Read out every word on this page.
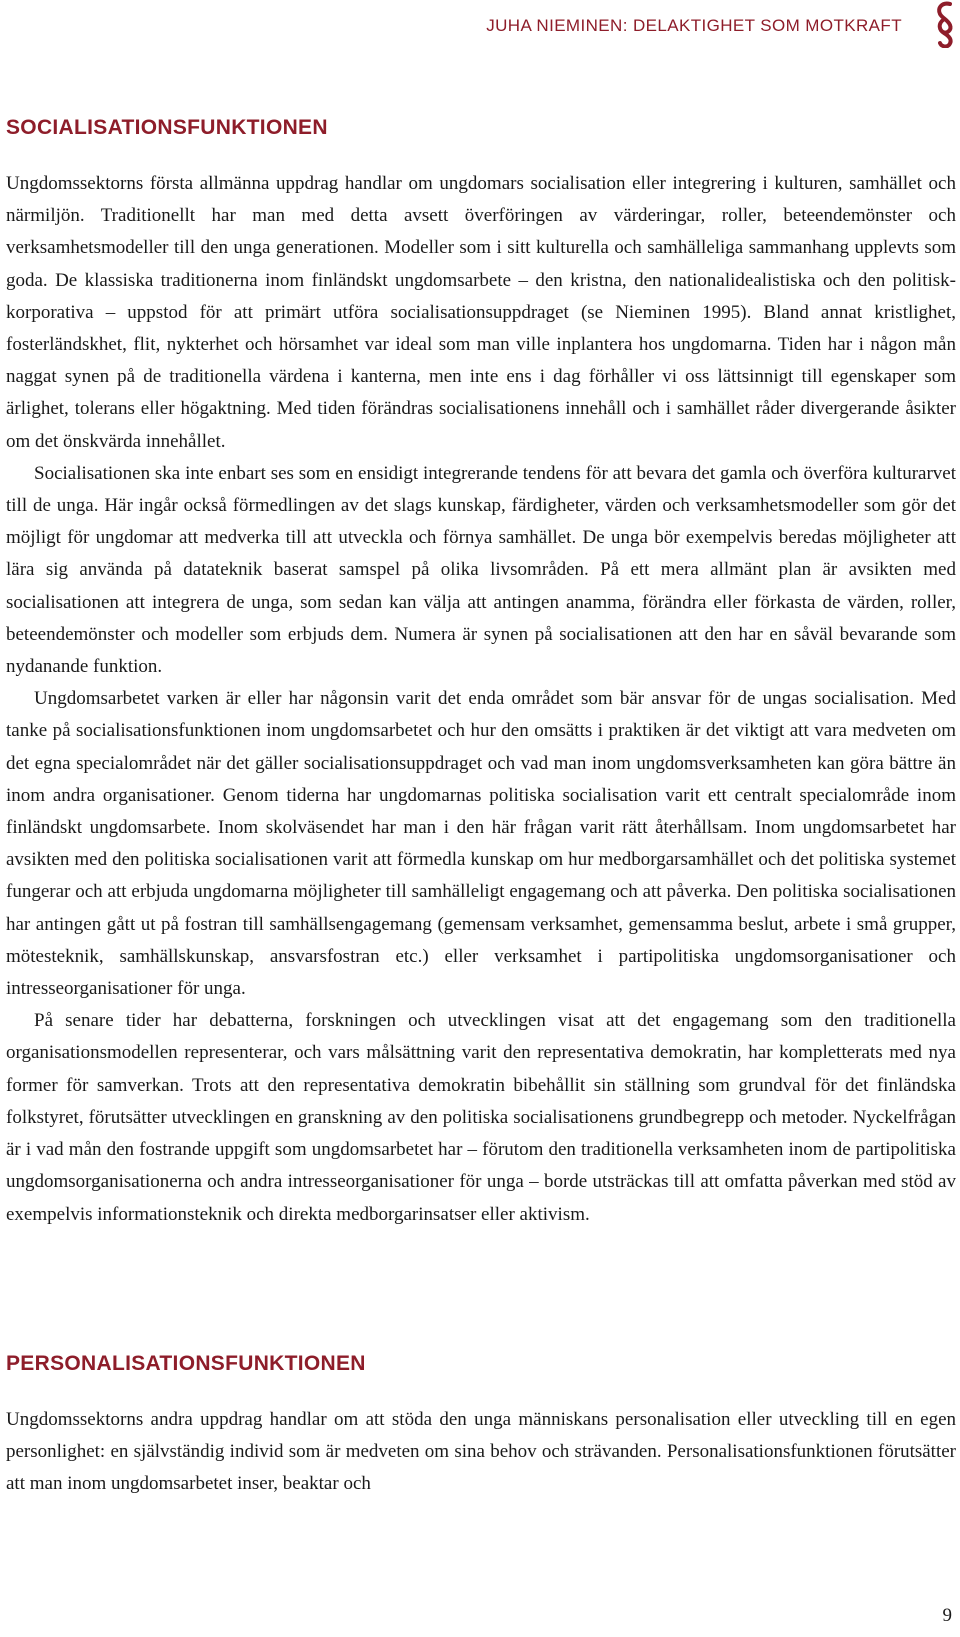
JUHA NIEMINEN: DELAKTIGHET SOM MOTKRAFT
SOCIALISATIONSFUNKTIONEN

Ungdomssektorns första allmänna uppdrag handlar om ungdomars socialisation eller integrering i kulturen, samhället och närmiljön. Traditionellt har man med detta avsett överföringen av värderingar, roller, beteendemönster och verksamhetsmodeller till den unga generationen. Modeller som i sitt kulturella och samhälleliga sammanhang upplevts som goda. De klassiska traditionerna inom finländskt ungdomsarbete – den kristna, den nationalidealistiska och den politisk-korporativa – uppstod för att primärt utföra socialisationsuppdraget (se Nieminen 1995). Bland annat kristlighet, fosterländskhet, flit, nykterhet och hörsamhet var ideal som man ville inplantera hos ungdomarna. Tiden har i någon mån naggat synen på de traditionella värdena i kanterna, men inte ens i dag förhåller vi oss lättsinnigt till egenskaper som ärlighet, tolerans eller högaktning. Med tiden förändras socialisationens innehåll och i samhället råder divergerande åsikter om det önskvärda innehållet.

Socialisationen ska inte enbart ses som en ensidigt integrerande tendens för att bevara det gamla och överföra kulturarvet till de unga. Här ingår också förmedlingen av det slags kunskap, färdigheter, värden och verksamhetsmodeller som gör det möjligt för ungdomar att medverka till att utveckla och förnya samhället. De unga bör exempelvis beredas möjligheter att lära sig använda på datateknik baserat samspel på olika livsområden. På ett mera allmänt plan är avsikten med socialisationen att integrera de unga, som sedan kan välja att antingen anamma, förändra eller förkasta de värden, roller, beteendemönster och modeller som erbjuds dem. Numera är synen på socialisationen att den har en såväl bevarande som nydanande funktion.

Ungdomsarbetet varken är eller har någonsin varit det enda området som bär ansvar för de ungas socialisation. Med tanke på socialisationsfunktionen inom ungdomsarbetet och hur den omsätts i praktiken är det viktigt att vara medveten om det egna specialområdet när det gäller socialisationsuppdraget och vad man inom ungdomsverksamheten kan göra bättre än inom andra organisationer. Genom tiderna har ungdomarnas politiska socialisation varit ett centralt specialområde inom finländskt ungdomsarbete. Inom skolväsendet har man i den här frågan varit rätt återhållsam. Inom ungdomsarbetet har avsikten med den politiska socialisationen varit att förmedla kunskap om hur medborgarsamhället och det politiska systemet fungerar och att erbjuda ungdomarna möjligheter till samhälleligt engagemang och att påverka. Den politiska socialisationen har antingen gått ut på fostran till samhällsengagemang (gemensam verksamhet, gemensamma beslut, arbete i små grupper, mötesteknik, samhällskunskap, ansvarsfostran etc.) eller verksamhet i partipolitiska ungdomsorganisationer och intresseorganisationer för unga.

På senare tider har debatterna, forskningen och utvecklingen visat att det engagemang som den traditionella organisationsmodellen representerar, och vars målsättning varit den representativa demokratin, har kompletterats med nya former för samverkan. Trots att den representativa demokratin bibehållit sin ställning som grundval för det finländska folkstyret, förutsätter utvecklingen en granskning av den politiska socialisationens grundbegrepp och metoder. Nyckelfrågan är i vad mån den fostrande uppgift som ungdomsarbetet har – förutom den traditionella verksamheten inom de partipolitiska ungdomsorganisationerna och andra intresseorganisationer för unga – borde utsträckas till att omfatta påverkan med stöd av exempelvis informationsteknik och direkta medborgarinsatser eller aktivism.

PERSONALISATIONSFUNKTIONEN

Ungdomssektorns andra uppdrag handlar om att stöda den unga människans personalisation eller utveckling till en egen personlighet: en självständig individ som är medveten om sina behov och strävanden. Personalisationsfunktionen förutsätter att man inom ungdomsarbetet inser, beaktar och

9
